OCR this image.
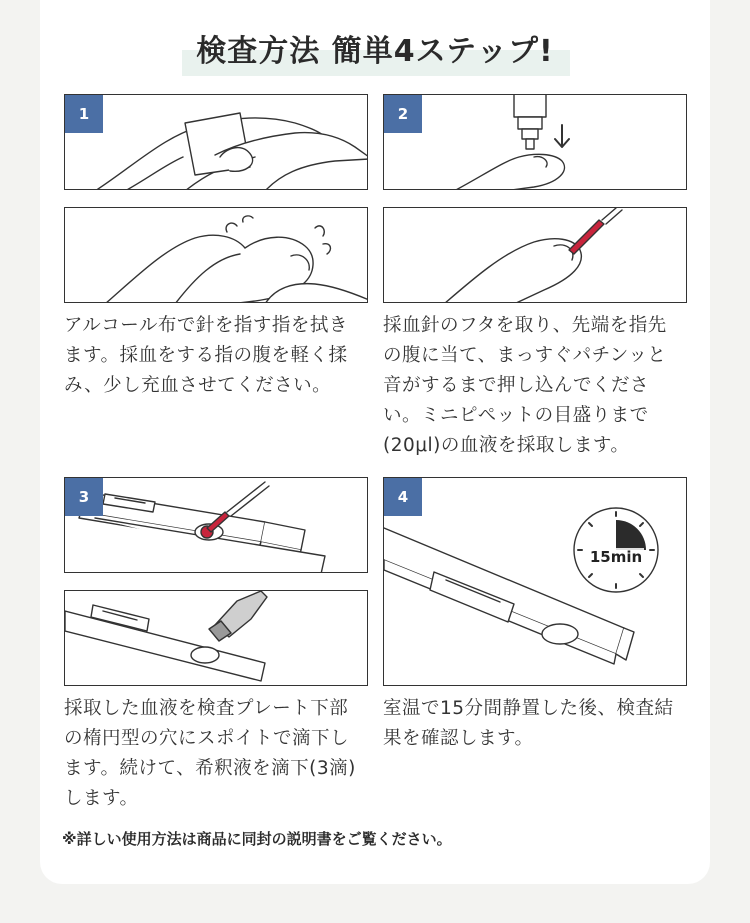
検査方法 簡単4ステップ!
1	2
アルコール布で針を指す指を拭き
ます。採血をする指の腹を軽く揉
み、少し充血させてください。
採血針のフタを取り、先端を指先
の腹に当て、まっすぐパチンッと
音がするまで押し込んでくださ
い。ミニピペットの目盛りまで
(20μl)の血液を採取します。
3
15min
4
採取した血液を検査プレート下部
の楕円型の穴にスポイトで滴下し
ます。続けて、希釈液を滴下(3滴)
します。
室温で15分間静置した後、検査結
果を確認します。
※詳しい使用方法は商品に同封の説明書をご覧ください。
